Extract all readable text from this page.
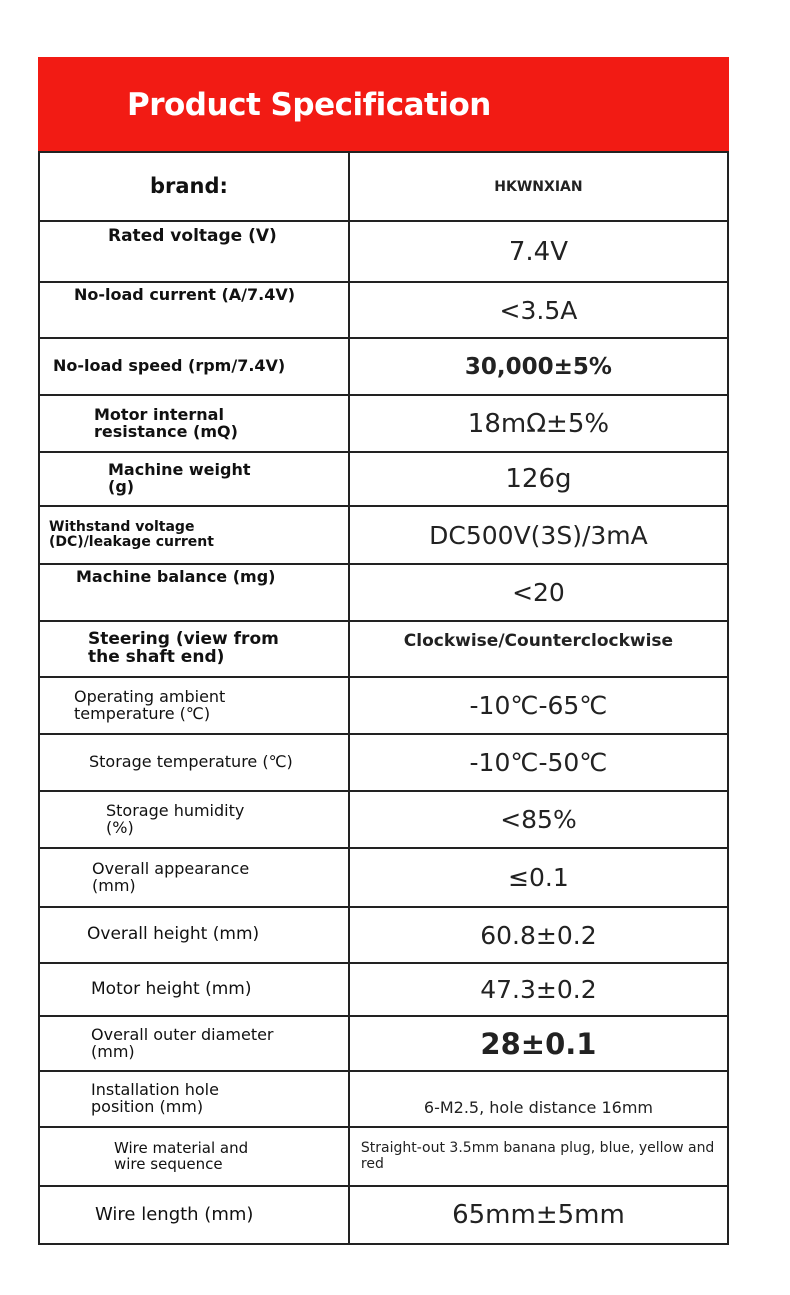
Product Specification
brand:	HKWNXIAN

Rated voltage (V)	7.4V

No-load current (A/7.4V)	<3.5A

No-load speed (rpm/7.4V)	30,000±5%

Motor internal resistance (mQ)	18mΩ±5%

Machine weight (g)	126g

Withstand voltage (DC)/leakage current	DC500V(3S)/3mA

Machine balance (mg)	<20

Steering (view from the shaft end)	Clockwise/Counterclockwise

Operating ambient temperature (℃)	-10℃-65℃

Storage temperature (℃)	-10℃-50℃

Storage humidity (%)	<85%

Overall appearance (mm)	≤0.1

Overall height (mm)	60.8±0.2

Motor height (mm)	47.3±0.2

Overall outer diameter (mm)	28±0.1

Installation hole position (mm)	6-M2.5, hole distance 16mm

Wire material and wire sequence	Straight-out 3.5mm banana plug, blue, yellow and red

Wire length (mm)	65mm±5mm
